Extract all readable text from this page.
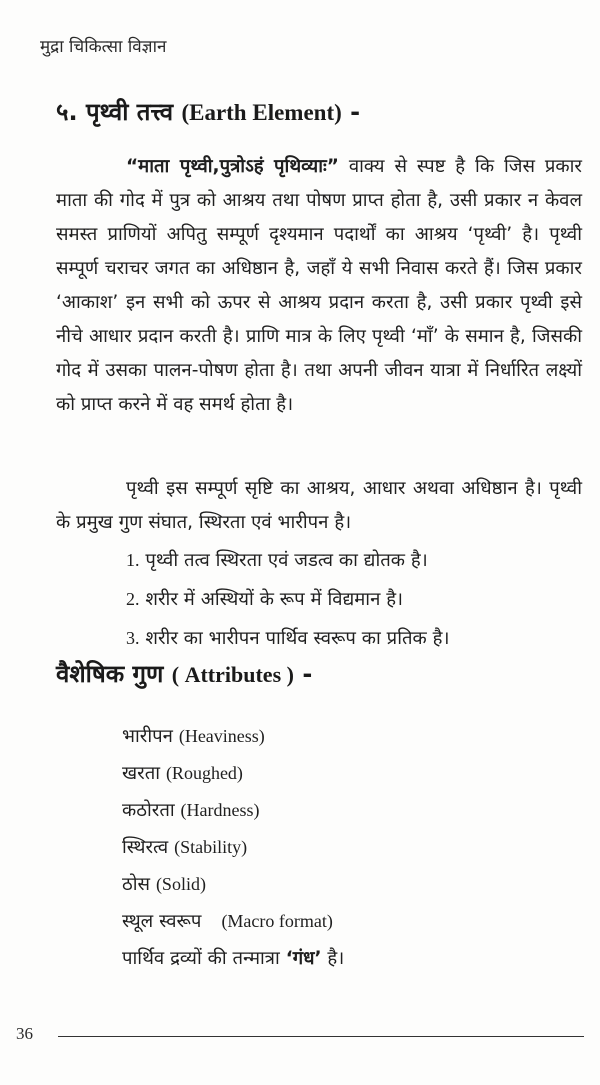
मुद्रा चिकित्सा विज्ञान
५. पृथ्वी तत्त्व (Earth Element) -

“माता पृथ्वी,पुत्रोऽहं पृथिव्याः” वाक्य से स्पष्ट है कि जिस प्रकार माता की गोद में पुत्र को आश्रय तथा पोषण प्राप्त होता है, उसी प्रकार न केवल समस्त प्राणियों अपितु सम्पूर्ण दृश्यमान पदार्थों का आश्रय ‘पृथ्वी’ है। पृथ्वी सम्पूर्ण चराचर जगत का अधिष्ठान है, जहाँ ये सभी निवास करते हैं। जिस प्रकार ‘आकाश’ इन सभी को ऊपर से आश्रय प्रदान करता है, उसी प्रकार पृथ्वी इसे नीचे आधार प्रदान करती है। प्राणि मात्र के लिए पृथ्वी ‘माँ’ के समान है, जिसकी गोद में उसका पालन-पोषण होता है। तथा अपनी जीवन यात्रा में निर्धारित लक्ष्यों को प्राप्त करने में वह समर्थ होता है।

पृथ्वी इस सम्पूर्ण सृष्टि का आश्रय, आधार अथवा अधिष्ठान है। पृथ्वी के प्रमुख गुण संघात, स्थिरता एवं भारीपन है।

1. पृथ्वी तत्व स्थिरता एवं जडत्व का द्योतक है।
2. शरीर में अस्थियों के रूप में विद्यमान है।
3. शरीर का भारीपन पार्थिव स्वरूप का प्रतिक है।
वैशेषिक गुण ( Attributes ) -
भारीपन (Heaviness)
खरता (Roughed)
कठोरता (Hardness)
स्थिरत्व (Stability)
ठोस (Solid)
स्थूल स्वरूप (Macro format)
पार्थिव द्रव्यों की तन्मात्रा ‘गंध’ है।
36
